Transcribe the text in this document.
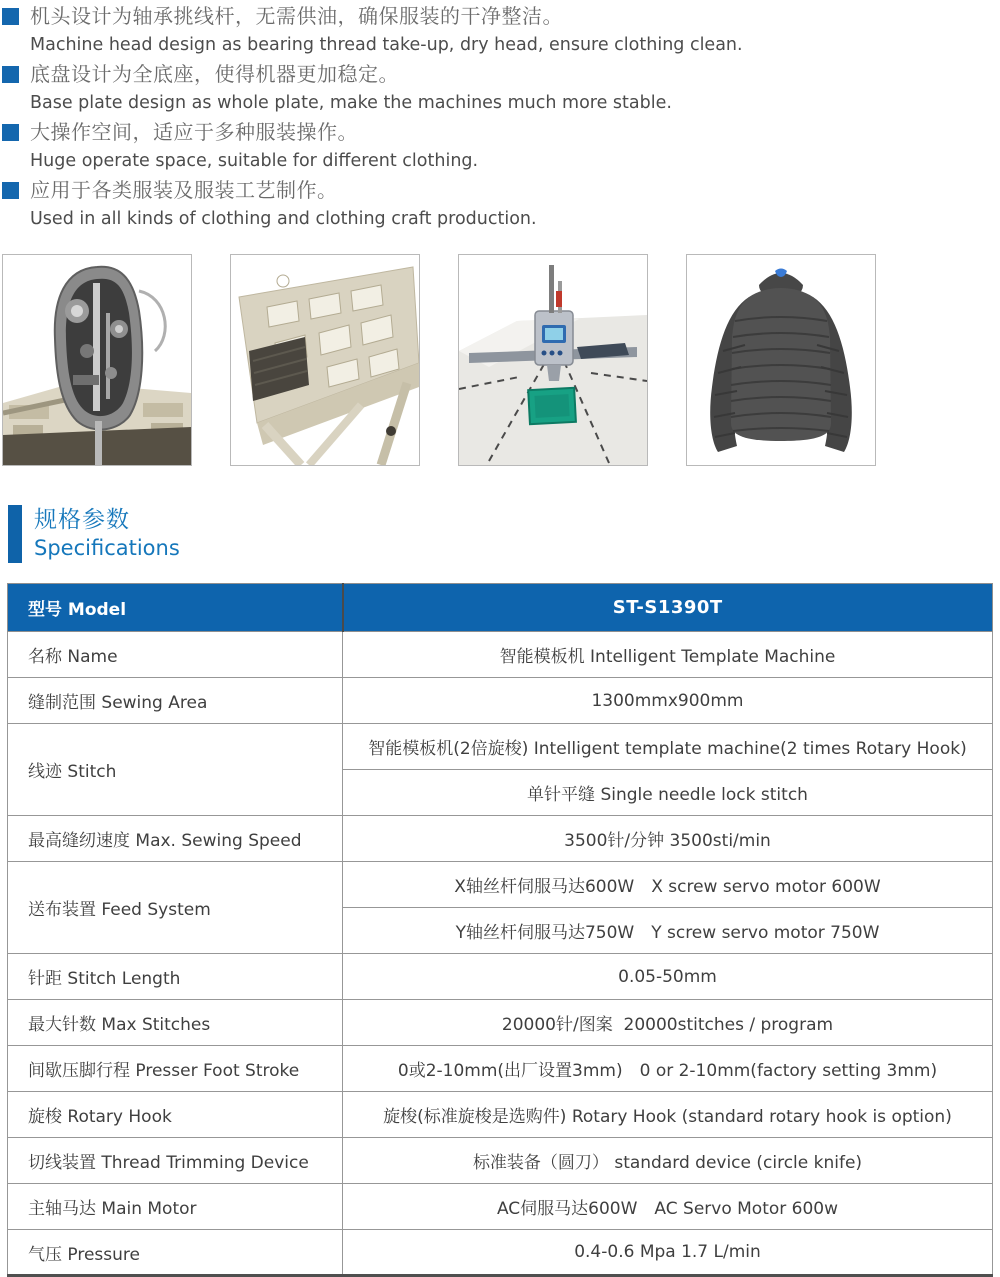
机头设计为轴承挑线杆，无需供油，确保服装的干净整洁。
Machine head design as bearing thread take-up, dry head, ensure clothing clean.
底盘设计为全底座，使得机器更加稳定。
Base plate design as whole plate, make the machines much more stable.
大操作空间，适应于多种服装操作。
Huge operate space, suitable for different clothing.
应用于各类服装及服装工艺制作。
Used in all kinds of clothing and clothing craft production.
规格参数
Specifications
型号 Model	ST-S1390T
名称 Name	智能模板机 Intelligent Template Machine
缝制范围 Sewing Area	1300mmx900mm
线迹 Stitch	智能模板机(2倍旋梭) Intelligent template machine(2 times Rotary Hook)
	单针平缝 Single needle lock stitch
最高缝纫速度 Max. Sewing Speed	3500针/分钟 3500sti/min
送布装置 Feed System	X轴丝杆伺服马达600W　X screw servo motor 600W
	Y轴丝杆伺服马达750W　Y screw servo motor 750W
针距 Stitch Length	0.05-50mm
最大针数 Max Stitches	20000针/图案  20000stitches / program
间歇压脚行程 Presser Foot Stroke	0或2-10mm(出厂设置3mm)　0 or 2-10mm(factory setting 3mm)
旋梭 Rotary Hook	旋梭(标准旋梭是选购件) Rotary Hook (standard rotary hook is option)
切线装置 Thread Trimming Device	标准装备（圆刀） standard device (circle knife)
主轴马达 Main Motor	AC伺服马达600W　AC Servo Motor 600w
气压 Pressure	0.4-0.6 Mpa 1.7 L/min
